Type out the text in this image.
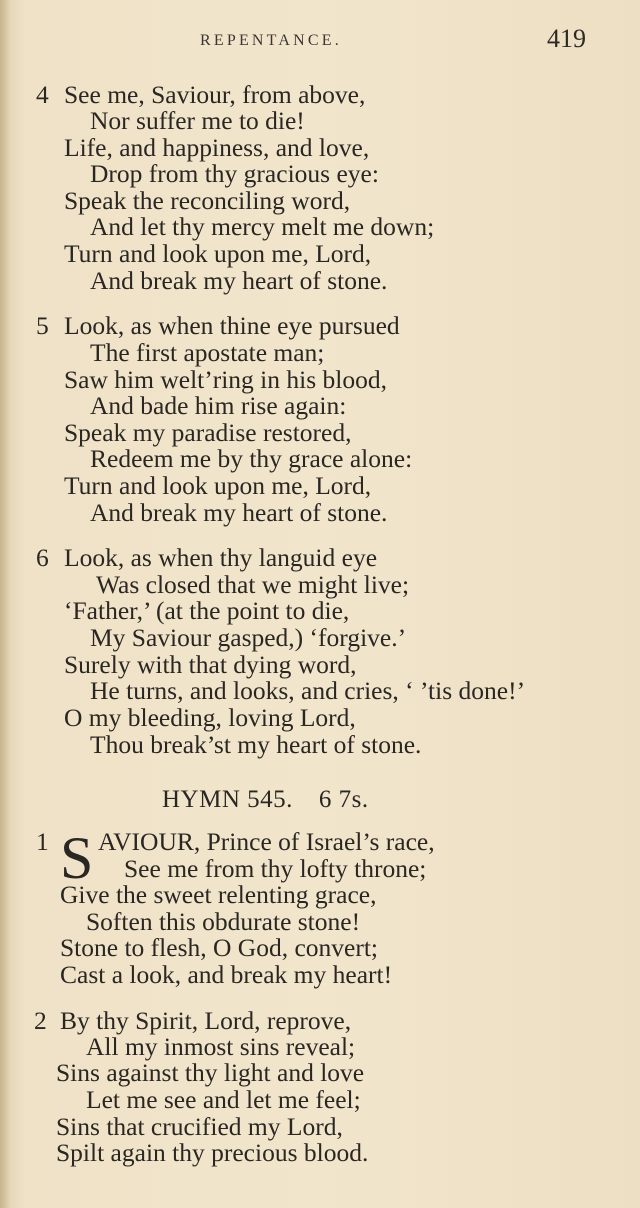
REPENTANCE.	419
4 See me, Saviour, from above,
Nor suffer me to die!
Life, and happiness, and love,
Drop from thy gracious eye:
Speak the reconciling word,
And let thy mercy melt me down;
Turn and look upon me, Lord,
And break my heart of stone.
5 Look, as when thine eye pursued
The first apostate man;
Saw him welt’ring in his blood,
And bade him rise again:
Speak my paradise restored,
Redeem me by thy grace alone:
Turn and look upon me, Lord,
And break my heart of stone.
6 Look, as when thy languid eye
Was closed that we might live;
‘Father,’ (at the point to die,
My Saviour gasped,) ‘forgive.’
Surely with that dying word,
He turns, and looks, and cries, ‘ ’tis done!’
O my bleeding, loving Lord,
Thou break’st my heart of stone.
HYMN 545. 6 7s.
1 S AVIOUR, Prince of Israel’s race,
See me from thy lofty throne;
Give the sweet relenting grace,
Soften this obdurate stone!
Stone to flesh, O God, convert;
Cast a look, and break my heart!
2 By thy Spirit, Lord, reprove,
All my inmost sins reveal;
Sins against thy light and love
Let me see and let me feel;
Sins that crucified my Lord,
Spilt again thy precious blood.
